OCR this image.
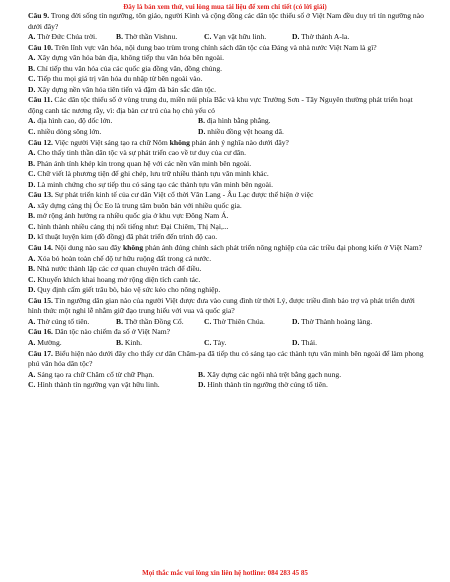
Đây là bản xem thử, vui lòng mua tài liệu để xem chi tiết (có lời giải)

Câu 9. Trong đời sống tín ngưỡng, tôn giáo, người Kinh và cộng đồng các dân tộc thiểu số ở Việt Nam đều duy trì tín ngưỡng nào dưới đây?

A. Thờ Đức Chúa trời.	B. Thờ thần Vishnu.	C. Vạn vật hữu linh.	D. Thờ thánh A-la.

Câu 10. Trên lĩnh vực văn hóa, nội dung bao trùm trong chính sách dân tộc của Đảng và nhà nước Việt Nam là gì?

A. Xây dựng văn hóa bản địa, không tiếp thu văn hóa bên ngoài.

B. Chỉ tiếp thu văn hóa của các quốc gia đồng văn, đồng chủng.

C. Tiếp thu mọi giá trị văn hóa du nhập từ bên ngoài vào.

D. Xây dựng nền văn hóa tiên tiến và đậm đà bản sắc dân tộc.

Câu 11. Các dân tộc thiểu số ở vùng trung du, miền núi phía Bắc và khu vực Trường Sơn - Tây Nguyên thường phát triển hoạt động canh tác nương rẫy, vì: địa bàn cư trú của họ chủ yếu có

A. địa hình cao, độ dốc lớn.	B. địa hình bằng phẳng.
C. nhiều dòng sông lớn.	D. nhiều đồng vệt hoang dã.

Câu 12. Việc người Việt sáng tạo ra chữ Nôm không phản ánh ý nghĩa nào dưới đây?

A. Cho thấy tinh thần dân tộc và sự phát triển cao về tư duy của cư dân.

B. Phản ánh tính khép kín trong quan hệ với các nền văn minh bên ngoài.

C. Chữ viết là phương tiện để ghi chép, lưu trữ nhiều thành tựu văn minh khác.

D. Là minh chứng cho sự tiếp thu có sáng tạo các thành tựu văn minh bên ngoài.

Câu 13. Sự phát triển kinh tế của cư dân Việt cổ thời Văn Lang - Âu Lạc được thể hiện ở việc

A. xây dựng cảng thị Óc Eo là trung tâm buôn bán với nhiều quốc gia.

B. mở rộng ảnh hưởng ra nhiều quốc gia ở khu vực Đông Nam Á.

C. hình thành nhiều cảng thị nối tiếng như: Đại Chiêm, Thị Nại,...

D. kĩ thuật luyện kim (đồ đồng) đã phát triển đến trình độ cao.

Câu 14. Nội dung nào sau đây không phản ánh đúng chính sách phát triển nông nghiệp của các triều đại phong kiến ở Việt Nam?

A. Xóa bỏ hoàn toàn chế độ tư hữu ruộng đất trong cả nước.

B. Nhà nước thành lập các cơ quan chuyên trách để điều.

C. Khuyến khích khai hoang mở rộng diện tích canh tác.

D. Quy định cấm giết trâu bò, bảo vệ sức kéo cho nông nghiệp.

Câu 15. Tín ngưỡng dân gian nào của người Việt được đưa vào cung đình từ thời Lý, được triều đình bảo trợ và phát triển dưới hình thức một nghi lễ nhằm giữ đạo trung hiếu với vua và quốc gia?

A. Thờ cúng tổ tiên.	B. Thờ thần Đồng Cổ.	C. Thờ Thiên Chúa.	D. Thờ Thành hoàng làng.

Câu 16. Dân tộc nào chiếm đa số ở Việt Nam?

A. Mường.	B. Kinh.	C. Tày.	D. Thái.

Câu 17. Biểu hiện nào dưới đây cho thấy cư dân Chăm-pa đã tiếp thu có sáng tạo các thành tựu văn minh bên ngoài để làm phong phú văn hóa dân tộc?

A. Sáng tạo ra chữ Chăm cổ từ chữ Phạn.	B. Xây dựng các ngôi nhà trệt bằng gạch nung.
C. Hình thành tín ngưỡng vạn vật hữu linh.	D. Hình thành tín ngưỡng thờ cúng tổ tiên.
Mọi thắc mắc vui lòng xin liên hệ hotline: 084 283 45 85
